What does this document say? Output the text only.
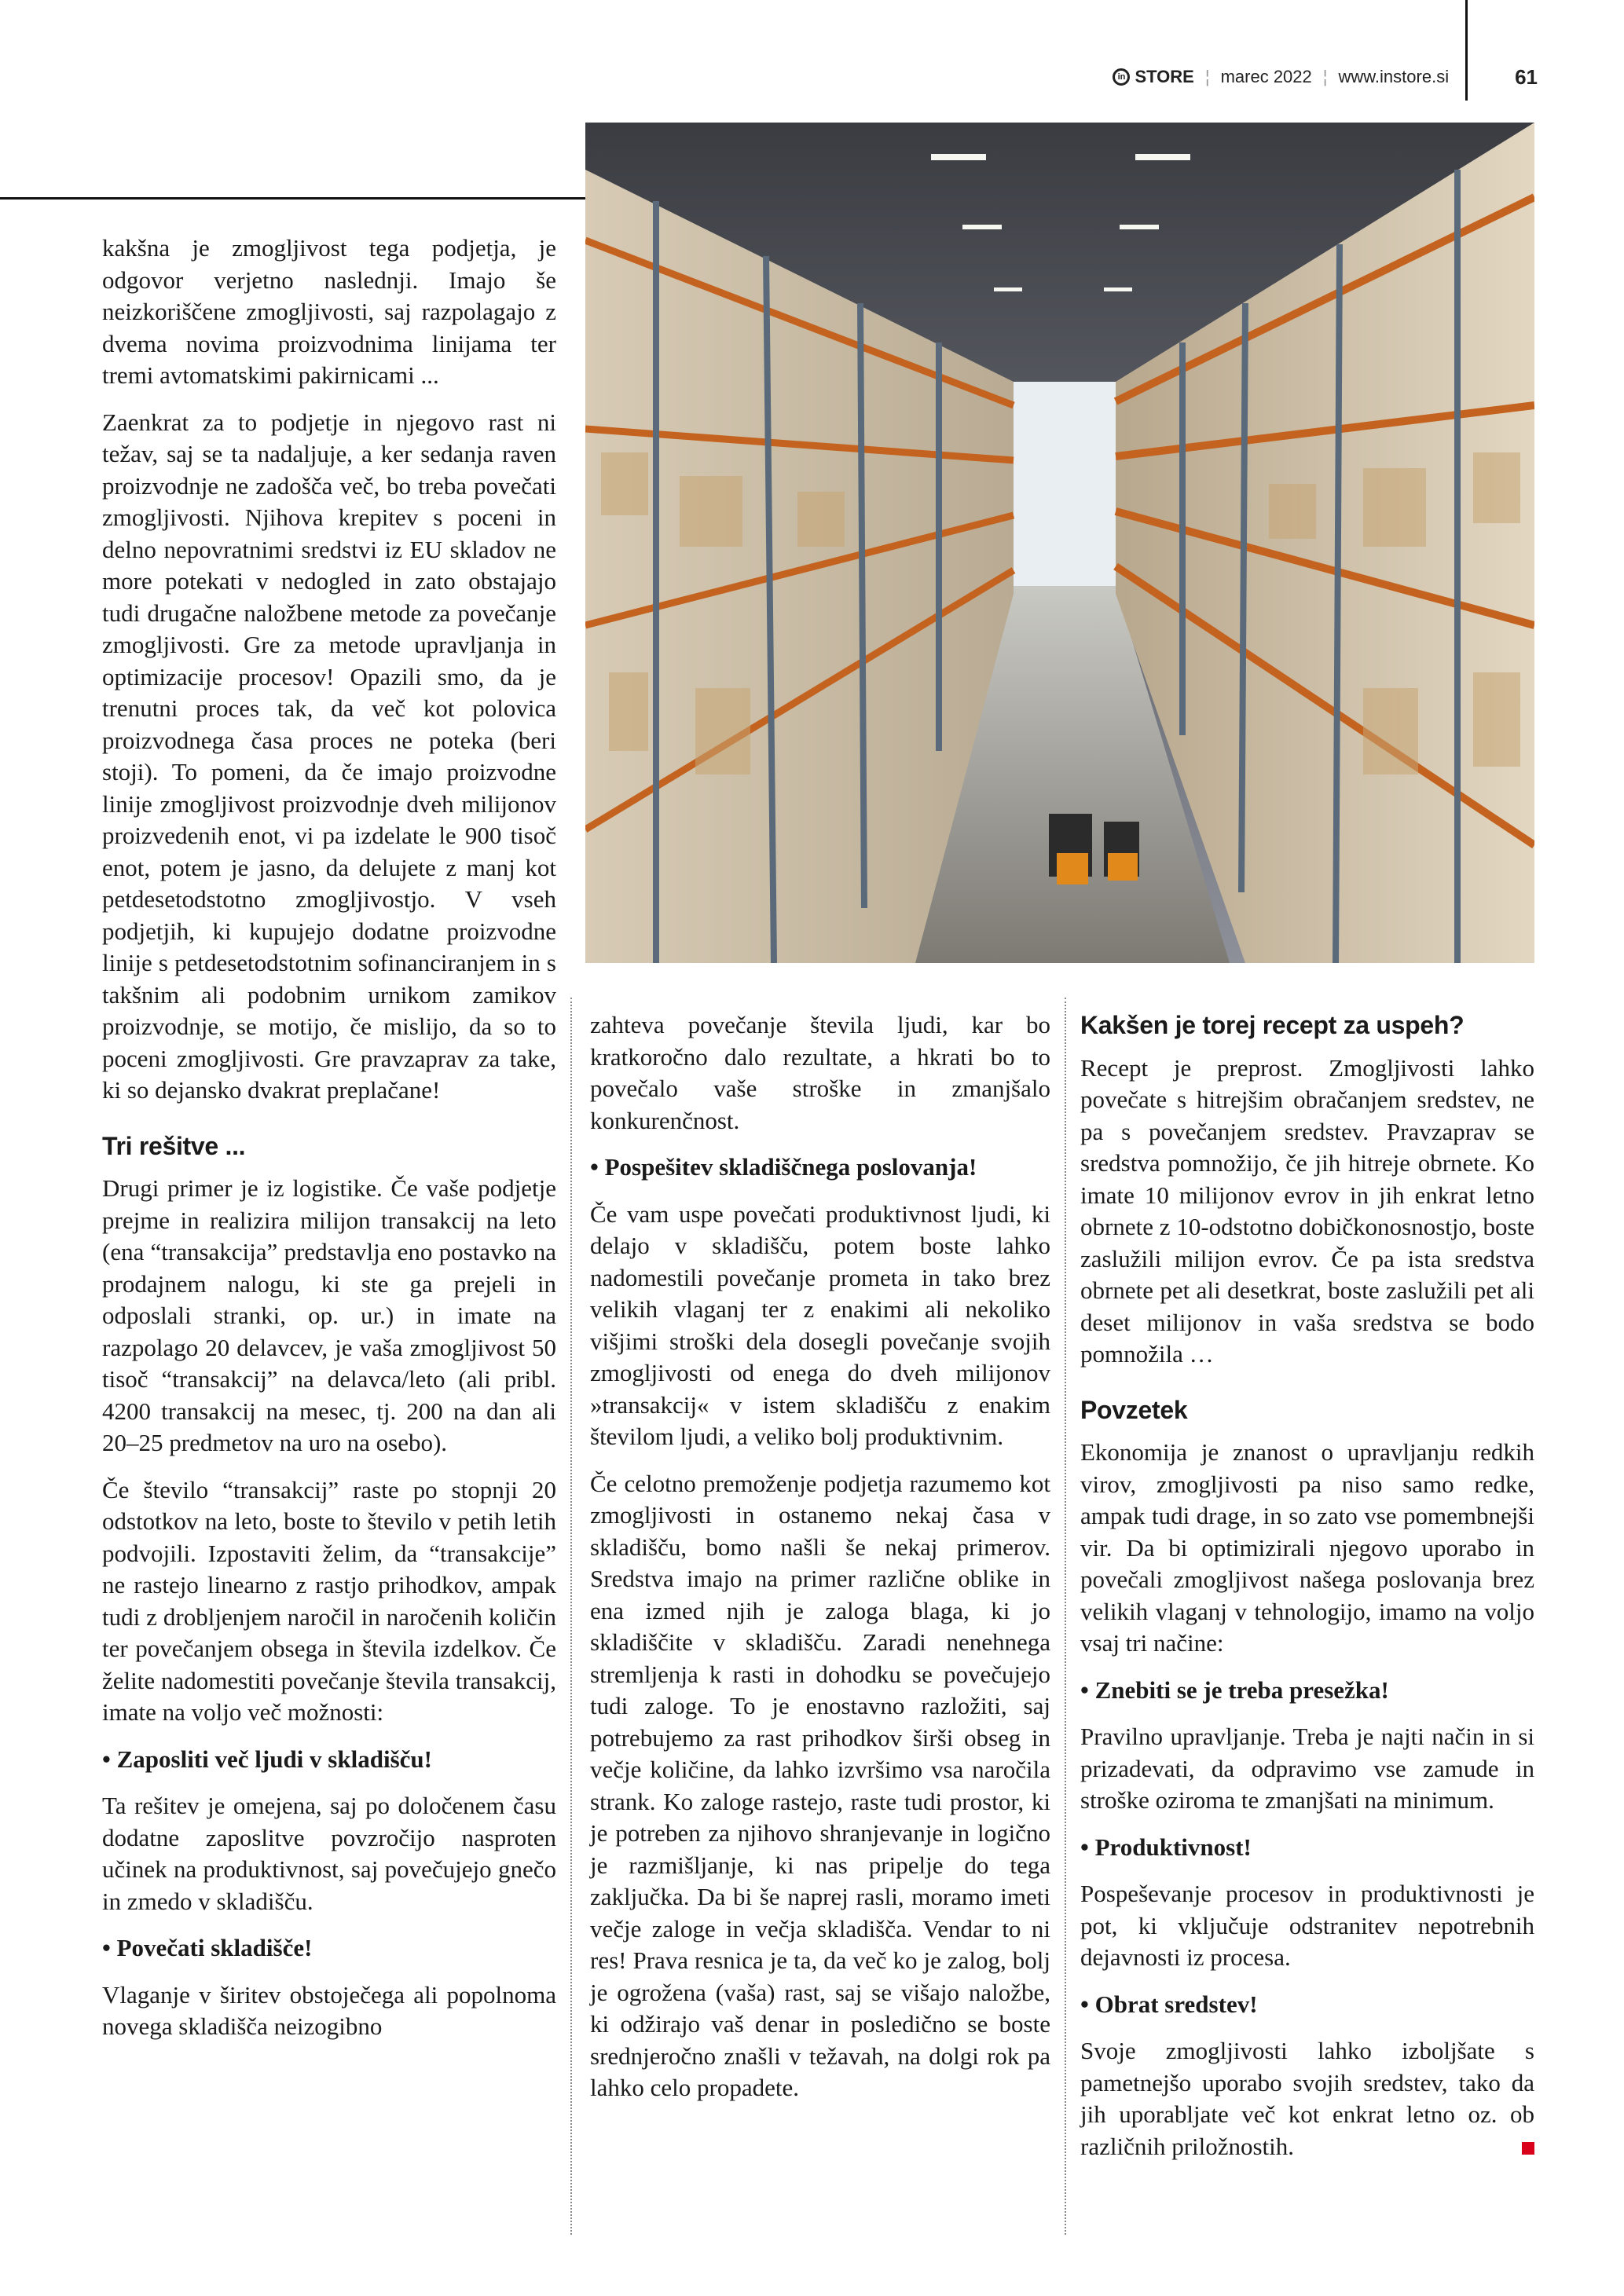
in STORE ¦ marec 2022 ¦ www.instore.si	61

kakšna je zmogljivost tega podjetja, je odgovor verjetno naslednji. Imajo še neizkoriščene zmogljivosti, saj razpolagajo z dvema novima proizvodnima linijama ter tremi avtomatskimi pakirnicami ...

Zaenkrat za to podjetje in njegovo rast ni težav, saj se ta nadaljuje, a ker sedanja raven proizvodnje ne zadošča več, bo treba povečati zmogljivosti. Njihova krepitev s poceni in delno nepovratnimi sredstvi iz EU skladov ne more potekati v nedogled in zato obstajajo tudi drugačne naložbene metode za povečanje zmogljivosti. Gre za metode upravljanja in optimizacije procesov! Opazili smo, da je trenutni proces tak, da več kot polovica proizvodnega časa proces ne poteka (beri stoji). To pomeni, da če imajo proizvodne linije zmogljivost proizvodnje dveh milijonov proizvedenih enot, vi pa izdelate le 900 tisoč enot, potem je jasno, da delujete z manj kot petdesetodstotno zmogljivostjo. V vseh podjetjih, ki kupujejo dodatne proizvodne linije s petdesetodstotnim sofinanciranjem in s takšnim ali podobnim urnikom zamikov proizvodnje, se motijo, če mislijo, da so to poceni zmogljivosti. Gre pravzaprav za take, ki so dejansko dvakrat preplačane!

Tri rešitve ...

Drugi primer je iz logistike. Če vaše podjetje prejme in realizira milijon transakcij na leto (ena “transakcija” predstavlja eno postavko na prodajnem nalogu, ki ste ga prejeli in odposlali stranki, op. ur.) in imate na razpolago 20 delavcev, je vaša zmogljivost 50 tisoč “transakcij” na delavca/leto (ali pribl. 4200 transakcij na mesec, tj. 200 na dan ali 20–25 predmetov na uro na osebo).

Če število “transakcij” raste po stopnji 20 odstotkov na leto, boste to število v petih letih podvojili. Izpostaviti želim, da “transakcije” ne rastejo linearno z rastjo prihodkov, ampak tudi z drobljenjem naročil in naročenih količin ter povečanjem obsega in števila izdelkov. Če želite nadomestiti povečanje števila transakcij, imate na voljo več možnosti:

• Zaposliti več ljudi v skladišču!

Ta rešitev je omejena, saj po določenem času dodatne zaposlitve povzročijo nasproten učinek na produktivnost, saj povečujejo gnečo in zmedo v skladišču.

• Povečati skladišče!

Vlaganje v širitev obstoječega ali popolnoma novega skladišča neizogibno

zahteva povečanje števila ljudi, kar bo kratkoročno dalo rezultate, a hkrati bo to povečalo vaše stroške in zmanjšalo konkurenčnost.

• Pospešitev skladiščnega poslovanja!

Če vam uspe povečati produktivnost ljudi, ki delajo v skladišču, potem boste lahko nadomestili povečanje prometa in tako brez velikih vlaganj ter z enakimi ali nekoliko višjimi stroški dela dosegli povečanje svojih zmogljivosti od enega do dveh milijonov »transakcij« v istem skladišču z enakim številom ljudi, a veliko bolj produktivnim.

Če celotno premoženje podjetja razumemo kot zmogljivosti in ostanemo nekaj časa v skladišču, bomo našli še nekaj primerov. Sredstva imajo na primer različne oblike in ena izmed njih je zaloga blaga, ki jo skladiščite v skladišču. Zaradi nenehnega stremljenja k rasti in dohodku se povečujejo tudi zaloge. To je enostavno razložiti, saj potrebujemo za rast prihodkov širši obseg in večje količine, da lahko izvršimo vsa naročila strank. Ko zaloge rastejo, raste tudi prostor, ki je potreben za njihovo shranjevanje in logično je razmišljanje, ki nas pripelje do tega zaključka. Da bi še naprej rasli, moramo imeti večje zaloge in večja skladišča. Vendar to ni res! Prava resnica je ta, da več ko je zalog, bolj je ogrožena (vaša) rast, saj se višajo naložbe, ki odžirajo vaš denar in posledično se boste srednjeročno znašli v težavah, na dolgi rok pa lahko celo propadete.

Kakšen je torej recept za uspeh?

Recept je preprost. Zmogljivosti lahko povečate s hitrejšim obračanjem sredstev, ne pa s povečanjem sredstev. Pravzaprav se sredstva pomnožijo, če jih hitreje obrnete. Ko imate 10 milijonov evrov in jih enkrat letno obrnete z 10-odstotno dobičkonosnostjo, boste zaslužili milijon evrov. Če pa ista sredstva obrnete pet ali desetkrat, boste zaslužili pet ali deset milijonov in vaša sredstva se bodo pomnožila …

Povzetek

Ekonomija je znanost o upravljanju redkih virov, zmogljivosti pa niso samo redke, ampak tudi drage, in so zato vse pomembnejši vir. Da bi optimizirali njegovo uporabo in povečali zmogljivost našega poslovanja brez velikih vlaganj v tehnologijo, imamo na voljo vsaj tri načine:

• Znebiti se je treba presežka!

Pravilno upravljanje. Treba je najti način in si prizadevati, da odpravimo vse zamude in stroške oziroma te zmanjšati na minimum.

• Produktivnost!

Pospeševanje procesov in produktivnosti je pot, ki vključuje odstranitev nepotrebnih dejavnosti iz procesa.

• Obrat sredstev!

Svoje zmogljivosti lahko izboljšate s pametnejšo uporabo svojih sredstev, tako da jih uporabljate več kot enkrat letno oz. ob različnih priložnostih.
